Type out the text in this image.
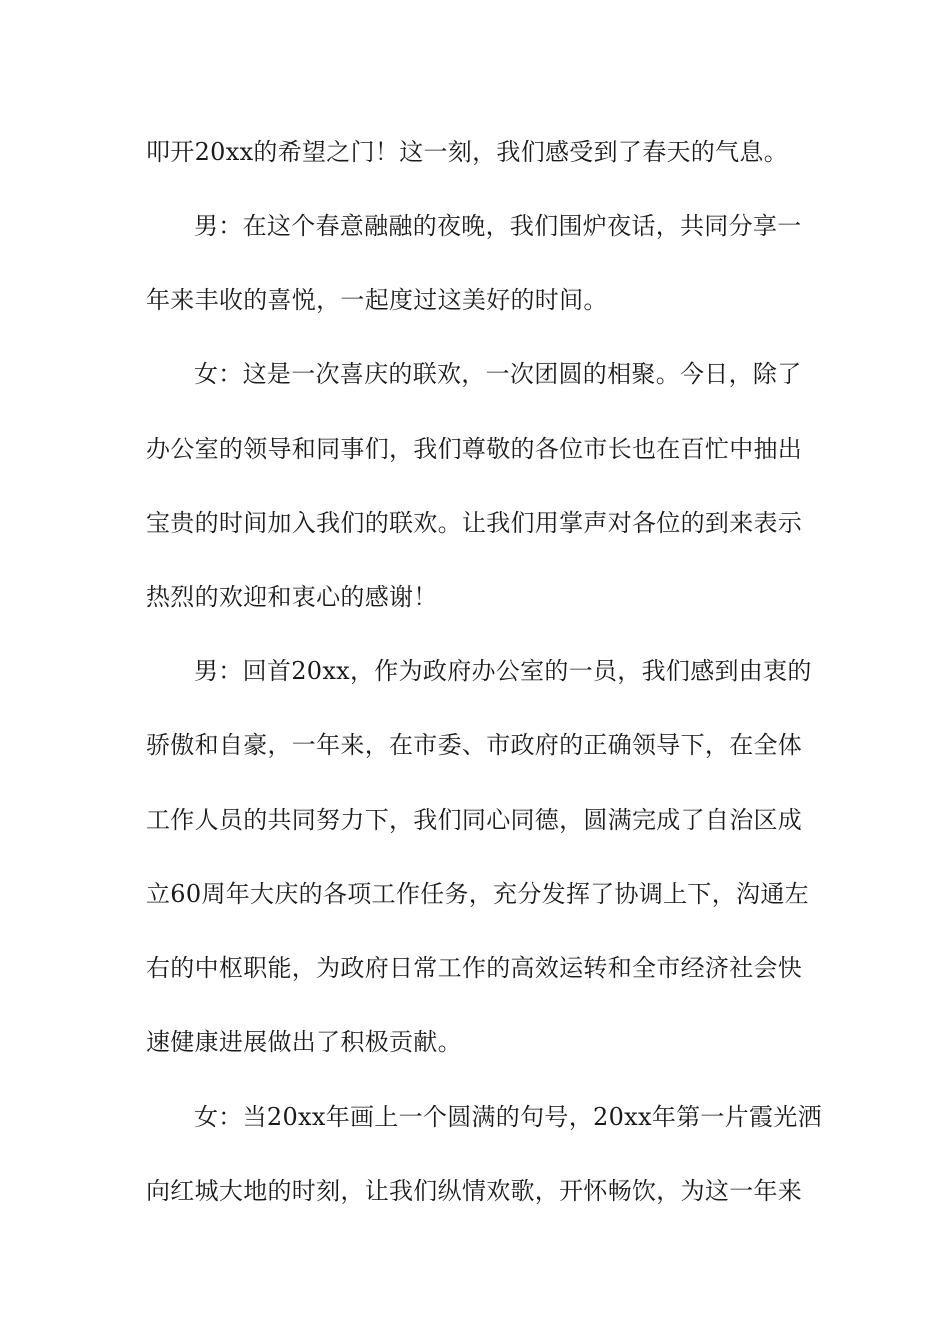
叩开20xx的希望之门！这一刻，我们感受到了春天的气息。
男：在这个春意融融的夜晚，我们围炉夜话，共同分享一
年来丰收的喜悦，一起度过这美好的时间。
女：这是一次喜庆的联欢，一次团圆的相聚。今日，除了
办公室的领导和同事们，我们尊敬的各位市长也在百忙中抽出
宝贵的时间加入我们的联欢。让我们用掌声对各位的到来表示
热烈的欢迎和衷心的感谢！
男：回首20xx，作为政府办公室的一员，我们感到由衷的
骄傲和自豪，一年来，在市委、市政府的正确领导下，在全体
工作人员的共同努力下，我们同心同德，圆满完成了自治区成
立60周年大庆的各项工作任务，充分发挥了协调上下，沟通左
右的中枢职能，为政府日常工作的高效运转和全市经济社会快
速健康进展做出了积极贡献。
女：当20xx年画上一个圆满的句号，20xx年第一片霞光洒
向红城大地的时刻，让我们纵情欢歌，开怀畅饮，为这一年来
